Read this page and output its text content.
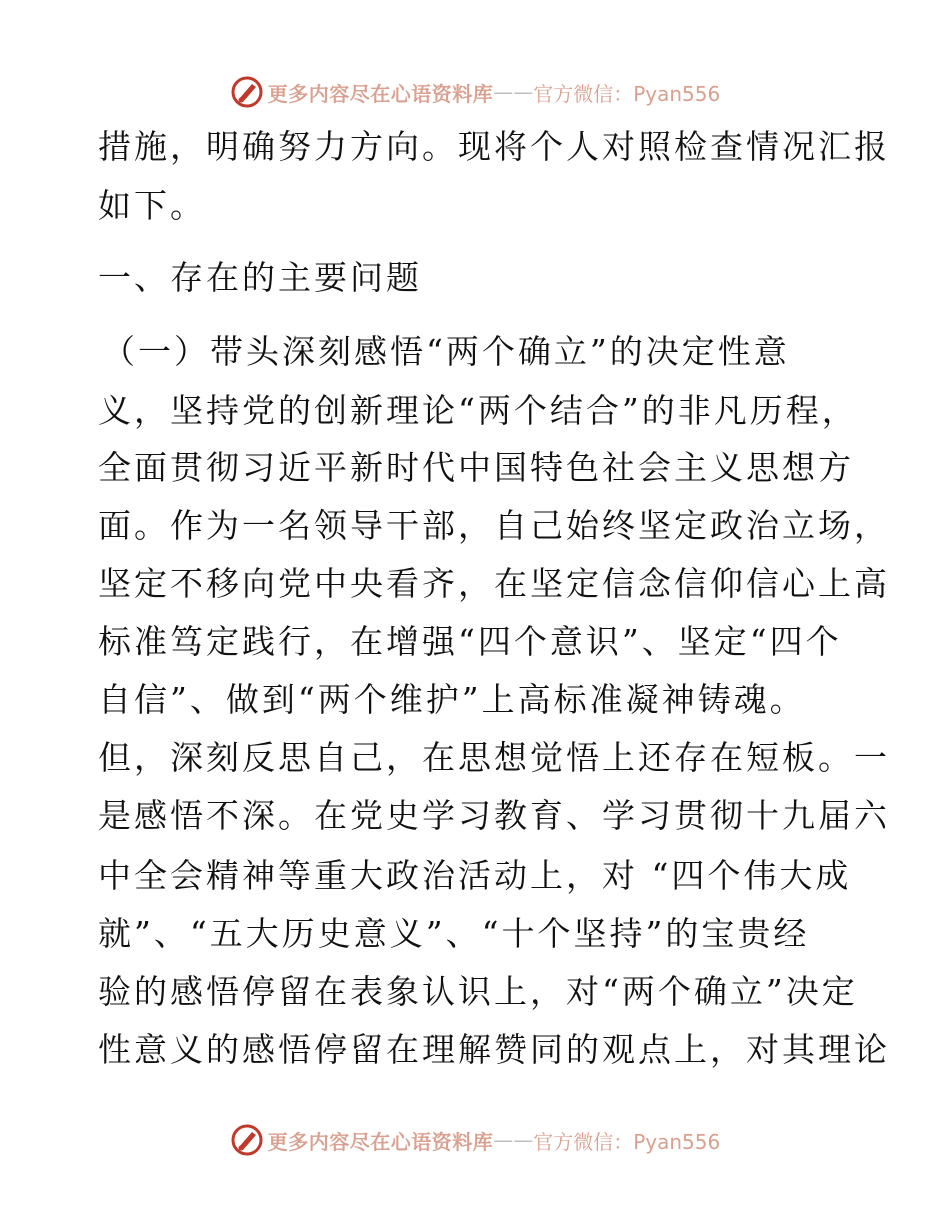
更多内容尽在心语资料库 —— 官方微信：Pyan556
措施，明确努力方向。现将个人对照检查情况汇报
如下。
一、存在的主要问题
（一）带头深刻感悟“两个确立”的决定性意
义，坚持党的创新理论“两个结合”的非凡历程，
全面贯彻习近平新时代中国特色社会主义思想方
面。作为一名领导干部，自己始终坚定政治立场，
坚定不移向党中央看齐，在坚定信念信仰信心上高
标准笃定践行，在增强“四个意识”、坚定“四个
自信”、做到“两个维护”上高标准凝神铸魂。
但，深刻反思自己，在思想觉悟上还存在短板。一
是感悟不深。在党史学习教育、学习贯彻十九届六
中全会精神等重大政治活动上，对 “四个伟大成
就”、“五大历史意义”、“十个坚持”的宝贵经
验的感悟停留在表象认识上，对“两个确立”决定
性意义的感悟停留在理解赞同的观点上，对其理论
更多内容尽在心语资料库 —— 官方微信：Pyan556
